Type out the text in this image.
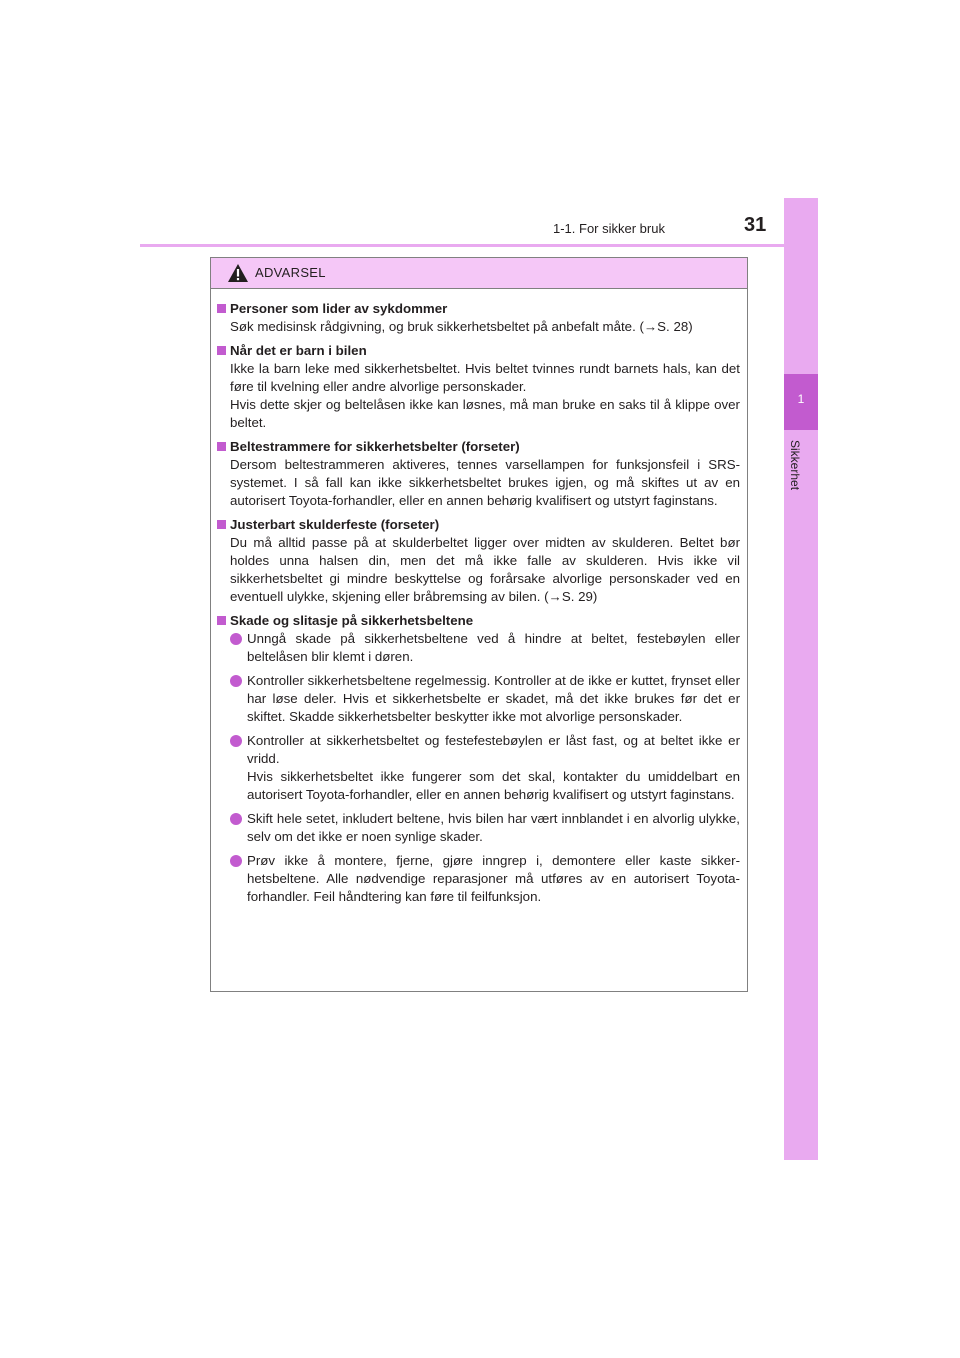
1
Sikkerhet
1-1. For sikker bruk	31
ADVARSEL
Personer som lider av sykdommer
Søk medisinsk rådgivning, og bruk sikkerhetsbeltet på anbefalt måte. (→S. 28)
Når det er barn i bilen
Ikke la barn leke med sikkerhetsbeltet. Hvis beltet tvinnes rundt barnets hals, kan det føre til kvelning eller andre alvorlige personskader.
Hvis dette skjer og beltelåsen ikke kan løsnes, må man bruke en saks til å klippe over beltet.
Beltestrammere for sikkerhetsbelter (forseter)
Dersom beltestrammeren aktiveres, tennes varsellampen for funksjonsfeil i SRS-systemet. I så fall kan ikke sikkerhetsbeltet brukes igjen, og må skiftes ut av en autorisert Toyota-forhandler, eller en annen behørig kvalifisert og utstyrt faginstans.
Justerbart skulderfeste (forseter)
Du må alltid passe på at skulderbeltet ligger over midten av skulderen. Beltet bør holdes unna halsen din, men det må ikke falle av skulderen. Hvis ikke vil sikkerhetsbeltet gi mindre beskyttelse og forårsake alvorlige personskader ved en eventuell ulykke, skjening eller bråbremsing av bilen. (→S. 29)
Skade og slitasje på sikkerhetsbeltene
Unngå skade på sikkerhetsbeltene ved å hindre at beltet, festebøylen eller beltelåsen blir klemt i døren.
Kontroller sikkerhetsbeltene regelmessig. Kontroller at de ikke er kuttet, frynset eller har løse deler. Hvis et sikkerhetsbelte er skadet, må det ikke brukes før det er skiftet. Skadde sikkerhetsbelter beskytter ikke mot alvorlige personskader.
Kontroller at sikkerhetsbeltet og festefestebøylen er låst fast, og at beltet ikke er vridd.
Hvis sikkerhetsbeltet ikke fungerer som det skal, kontakter du umiddelbart en autorisert Toyota-forhandler, eller en annen behørig kvalifisert og utstyrt faginstans.
Skift hele setet, inkludert beltene, hvis bilen har vært innblandet i en alvorlig ulykke, selv om det ikke er noen synlige skader.
Prøv ikke å montere, fjerne, gjøre inngrep i, demontere eller kaste sikker-hetsbeltene. Alle nødvendige reparasjoner må utføres av en autorisert Toyota-forhandler. Feil håndtering kan føre til feilfunksjon.
